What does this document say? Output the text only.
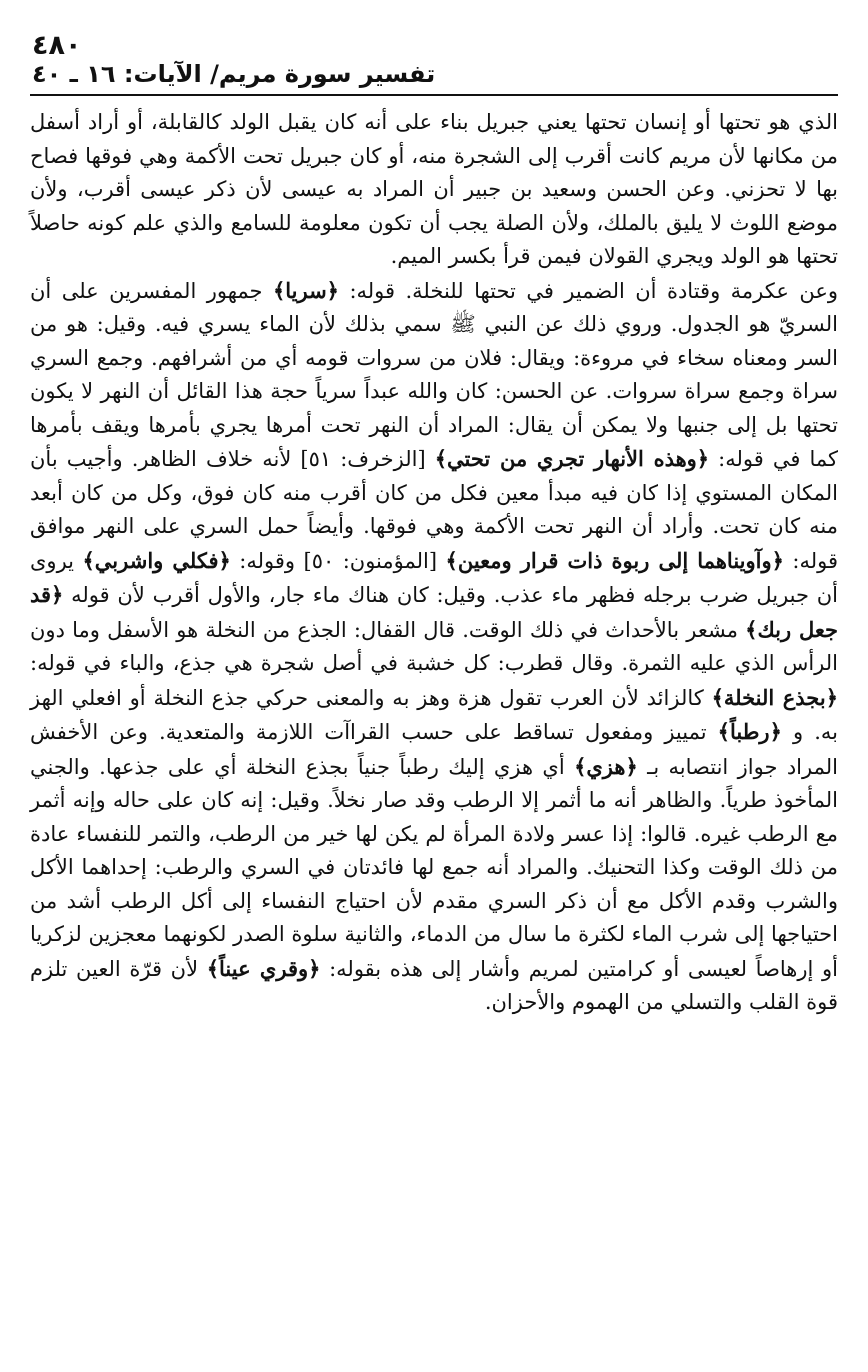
٤٨٠
تفسير سورة مريم/ الآيات: ١٦ ـ ٤٠

الذي هو تحتها أو إنسان تحتها يعني جبريل بناء على أنه كان يقبل الولد كالقابلة، أو أراد أسفل من مكانها لأن مريم كانت أقرب إلى الشجرة منه، أو كان جبريل تحت الأكمة وهي فوقها فصاح بها لا تحزني. وعن الحسن وسعيد بن جبير أن المراد به عيسى لأن ذكر عيسى أقرب، ولأن موضع اللوث لا يليق بالملك، ولأن الصلة يجب أن تكون معلومة للسامع والذي علم كونه حاصلاً تحتها هو الولد ويجري القولان فيمن قرأ بكسر الميم.

وعن عكرمة وقتادة أن الضمير في تحتها للنخلة. قوله: ﴿سريا﴾ جمهور المفسرين على أن السريّ هو الجدول. وروي ذلك عن النبي ﷺ سمي بذلك لأن الماء يسري فيه. وقيل: هو من السر ومعناه سخاء في مروءة: ويقال: فلان من سروات قومه أي من أشرافهم. وجمع السري سراة وجمع سراة سروات. عن الحسن: كان والله عبداً سرياً حجة هذا القائل أن النهر لا يكون تحتها بل إلى جنبها ولا يمكن أن يقال: المراد أن النهر تحت أمرها يجري بأمرها ويقف بأمرها كما في قوله: ﴿وهذه الأنهار تجري من تحتي﴾ [الزخرف: ٥١] لأنه خلاف الظاهر. وأجيب بأن المكان المستوي إذا كان فيه مبدأ معين فكل من كان أقرب منه كان فوق، وكل من كان أبعد منه كان تحت. وأراد أن النهر تحت الأكمة وهي فوقها. وأيضاً حمل السري على النهر موافق قوله: ﴿وآويناهما إلى ربوة ذات قرار ومعين﴾ [المؤمنون: ٥٠] وقوله: ﴿فكلي واشربي﴾ يروى أن جبريل ضرب برجله فظهر ماء عذب. وقيل: كان هناك ماء جار، والأول أقرب لأن قوله ﴿قد جعل ربك﴾ مشعر بالأحداث في ذلك الوقت. قال القفال: الجذع من النخلة هو الأسفل وما دون الرأس الذي عليه الثمرة. وقال قطرب: كل خشبة في أصل شجرة هي جذع، والباء في قوله: ﴿بجذع النخلة﴾ كالزائد لأن العرب تقول هزة وهز به والمعنى حركي جذع النخلة أو افعلي الهز به. و ﴿رطباً﴾ تمييز ومفعول تساقط على حسب القراآت اللازمة والمتعدية. وعن الأخفش المراد جواز انتصابه بـ ﴿هزي﴾ أي هزي إليك رطباً جنياً بجذع النخلة أي على جذعها. والجني المأخوذ طرياً. والظاهر أنه ما أثمر إلا الرطب وقد صار نخلاً. وقيل: إنه كان على حاله وإنه أثمر مع الرطب غيره. قالوا: إذا عسر ولادة المرأة لم يكن لها خير من الرطب، والتمر للنفساء عادة من ذلك الوقت وكذا التحنيك. والمراد أنه جمع لها فائدتان في السري والرطب: إحداهما الأكل والشرب وقدم الأكل مع أن ذكر السري مقدم لأن احتياج النفساء إلى أكل الرطب أشد من احتياجها إلى شرب الماء لكثرة ما سال من الدماء، والثانية سلوة الصدر لكونهما معجزين لزكريا أو إرهاصاً لعيسى أو كرامتين لمريم وأشار إلى هذه بقوله: ﴿وقري عيناً﴾ لأن قرّة العين تلزم قوة القلب والتسلي من الهموم والأحزان.
